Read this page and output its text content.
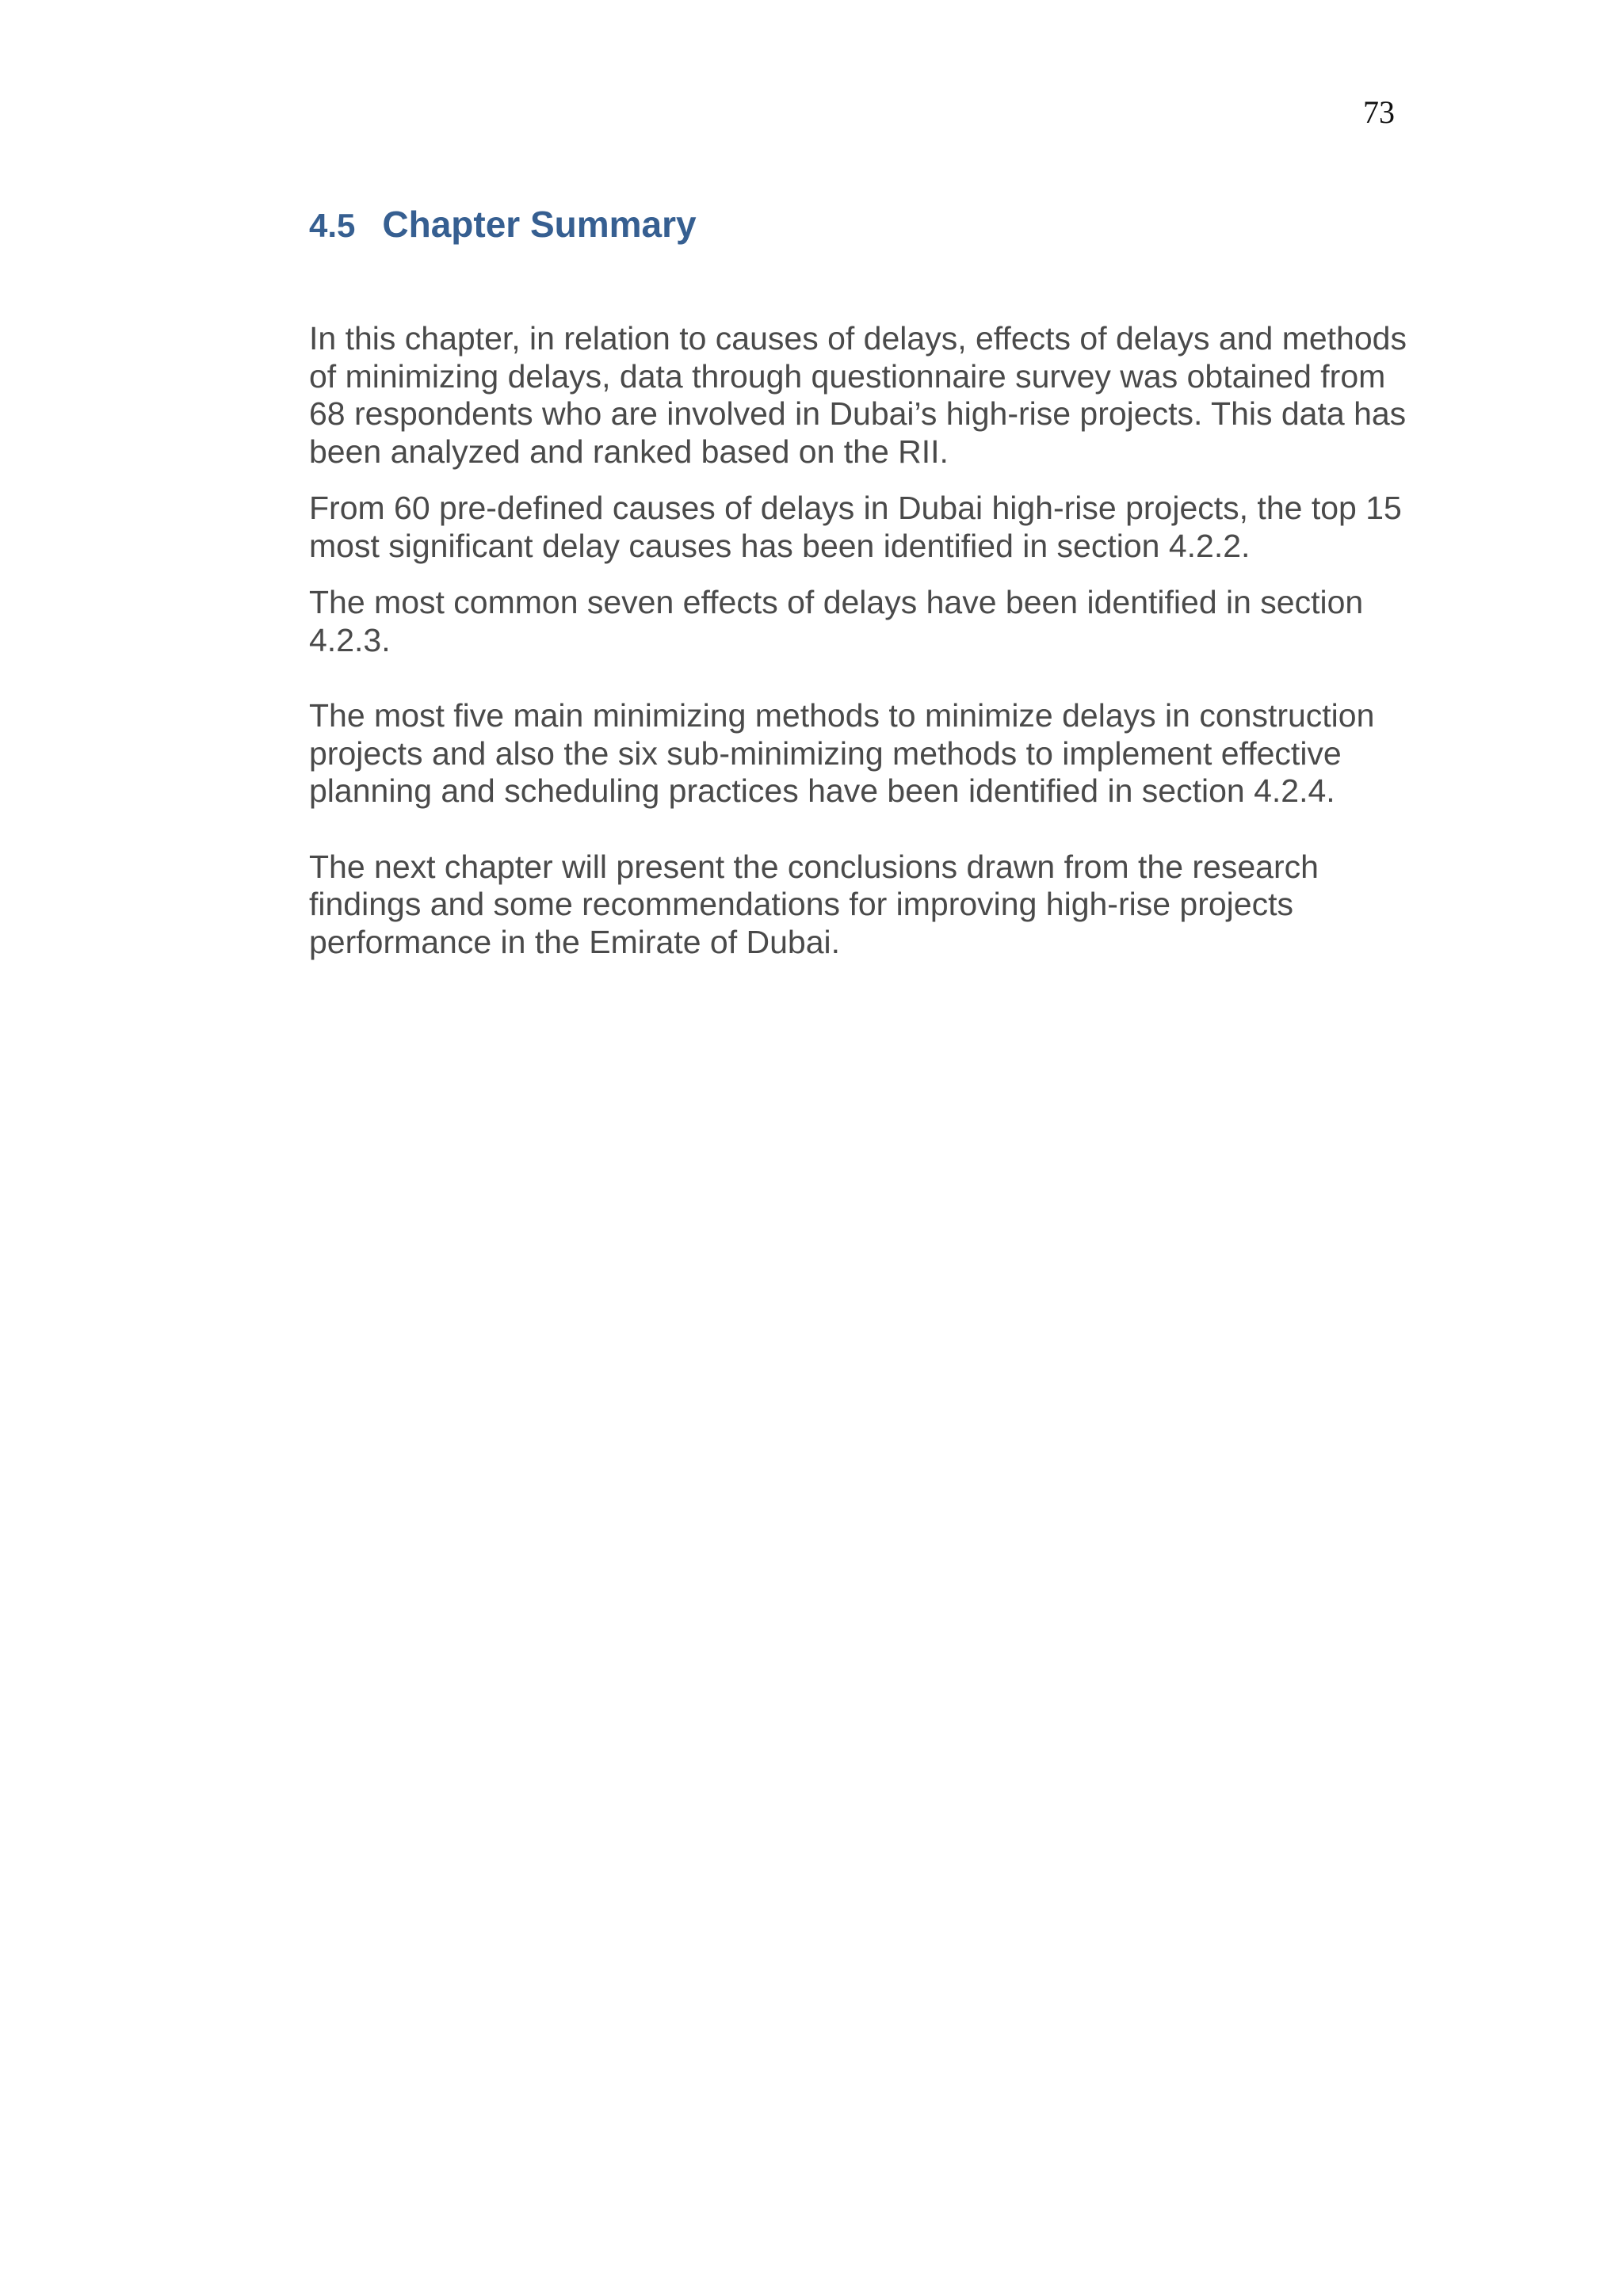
73
4.5 Chapter Summary

In this chapter, in relation to causes of delays, effects of delays and methods of minimizing delays, data through questionnaire survey was obtained from 68 respondents who are involved in Dubai’s high-rise projects. This data has been analyzed and ranked based on the RII.

From 60 pre-defined causes of delays in Dubai high-rise projects, the top 15 most significant delay causes has been identified in section 4.2.2.

The most common seven effects of delays have been identified in section 4.2.3.

The most five main minimizing methods to minimize delays in construction projects and also the six sub-minimizing methods to implement effective planning and scheduling practices have been identified in section 4.2.4.

The next chapter will present the conclusions drawn from the research findings and some recommendations for improving high-rise projects performance in the Emirate of Dubai.
